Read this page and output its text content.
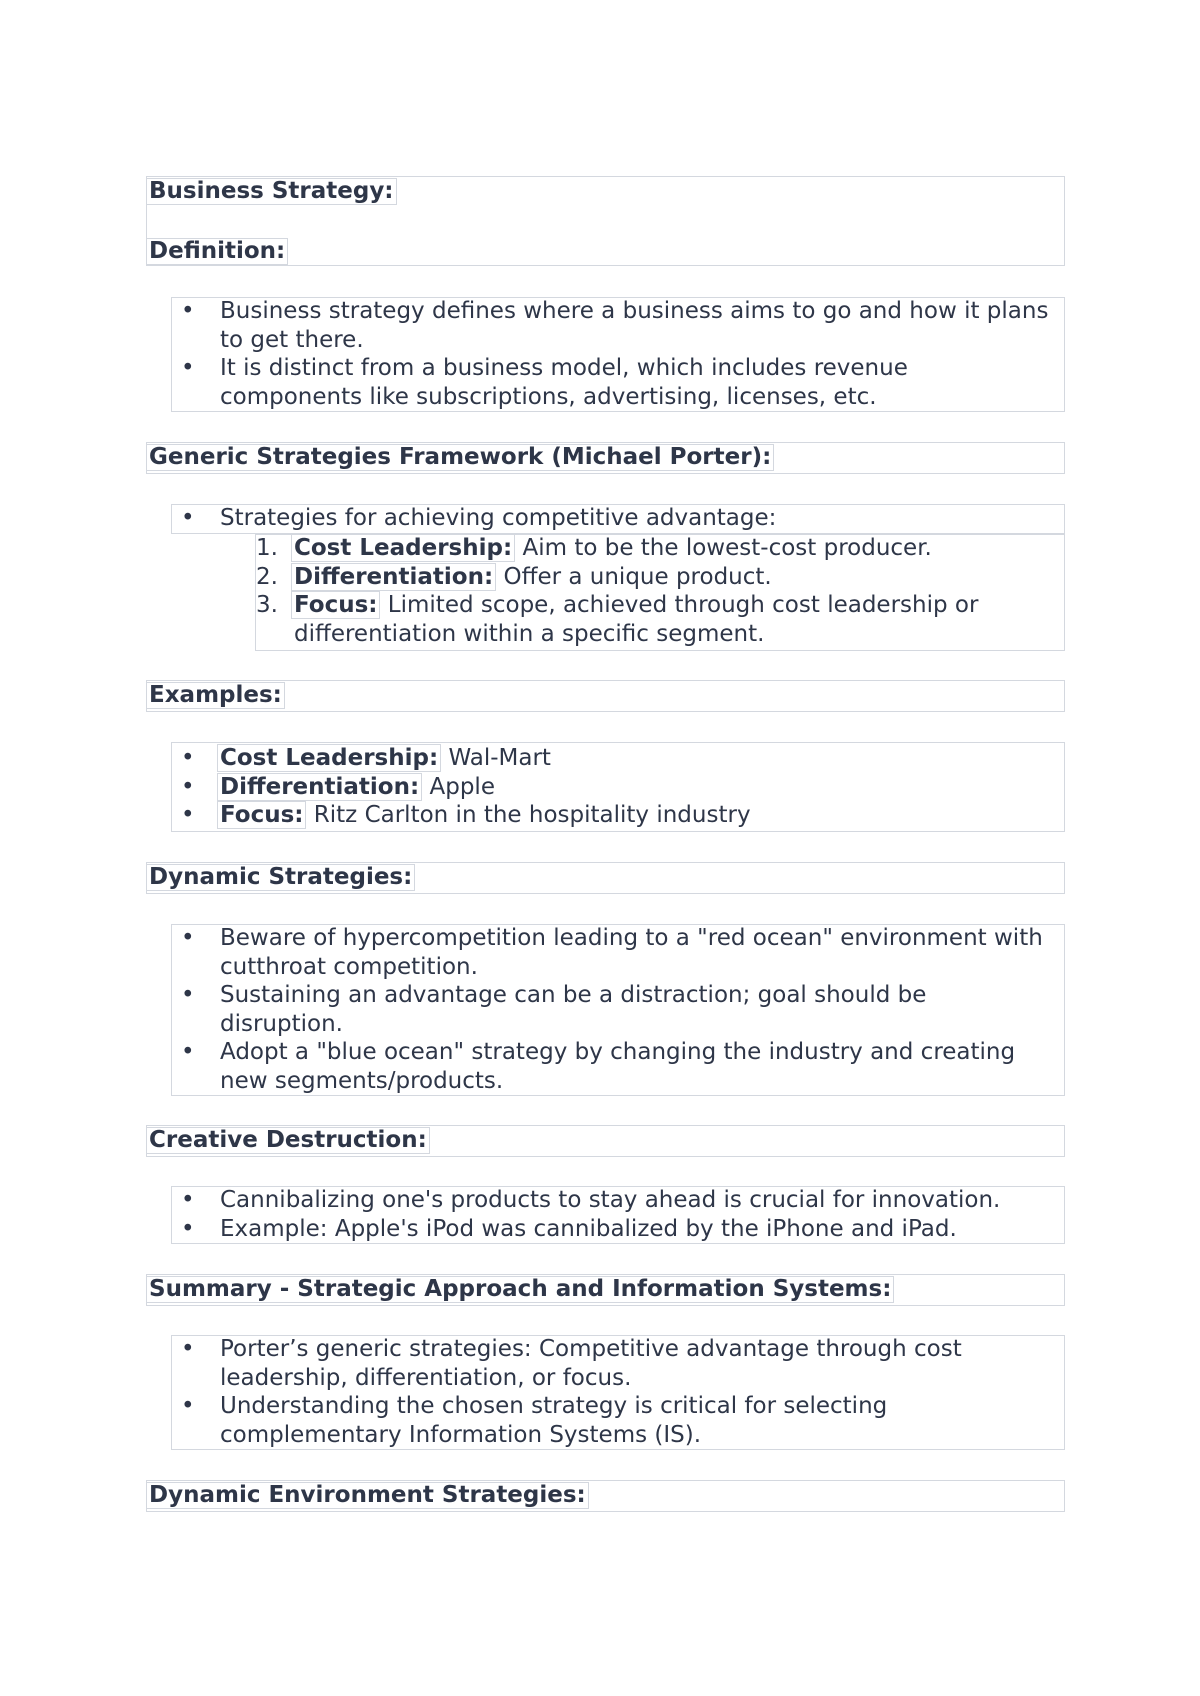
Business Strategy:
Definition:
• Business strategy defines where a business aims to go and how it plans to get there.
• It is distinct from a business model, which includes revenue components like subscriptions, advertising, licenses, etc.
Generic Strategies Framework (Michael Porter):
• Strategies for achieving competitive advantage:
1. Cost Leadership: Aim to be the lowest-cost producer.
2. Differentiation: Offer a unique product.
3. Focus: Limited scope, achieved through cost leadership or differentiation within a specific segment.
Examples:
• Cost Leadership: Wal-Mart
• Differentiation: Apple
• Focus: Ritz Carlton in the hospitality industry
Dynamic Strategies:
• Beware of hypercompetition leading to a "red ocean" environment with cutthroat competition.
• Sustaining an advantage can be a distraction; goal should be disruption.
• Adopt a "blue ocean" strategy by changing the industry and creating new segments/products.
Creative Destruction:
• Cannibalizing one's products to stay ahead is crucial for innovation.
• Example: Apple's iPod was cannibalized by the iPhone and iPad.
Summary - Strategic Approach and Information Systems:
• Porter’s generic strategies: Competitive advantage through cost leadership, differentiation, or focus.
• Understanding the chosen strategy is critical for selecting complementary Information Systems (IS).
Dynamic Environment Strategies:
